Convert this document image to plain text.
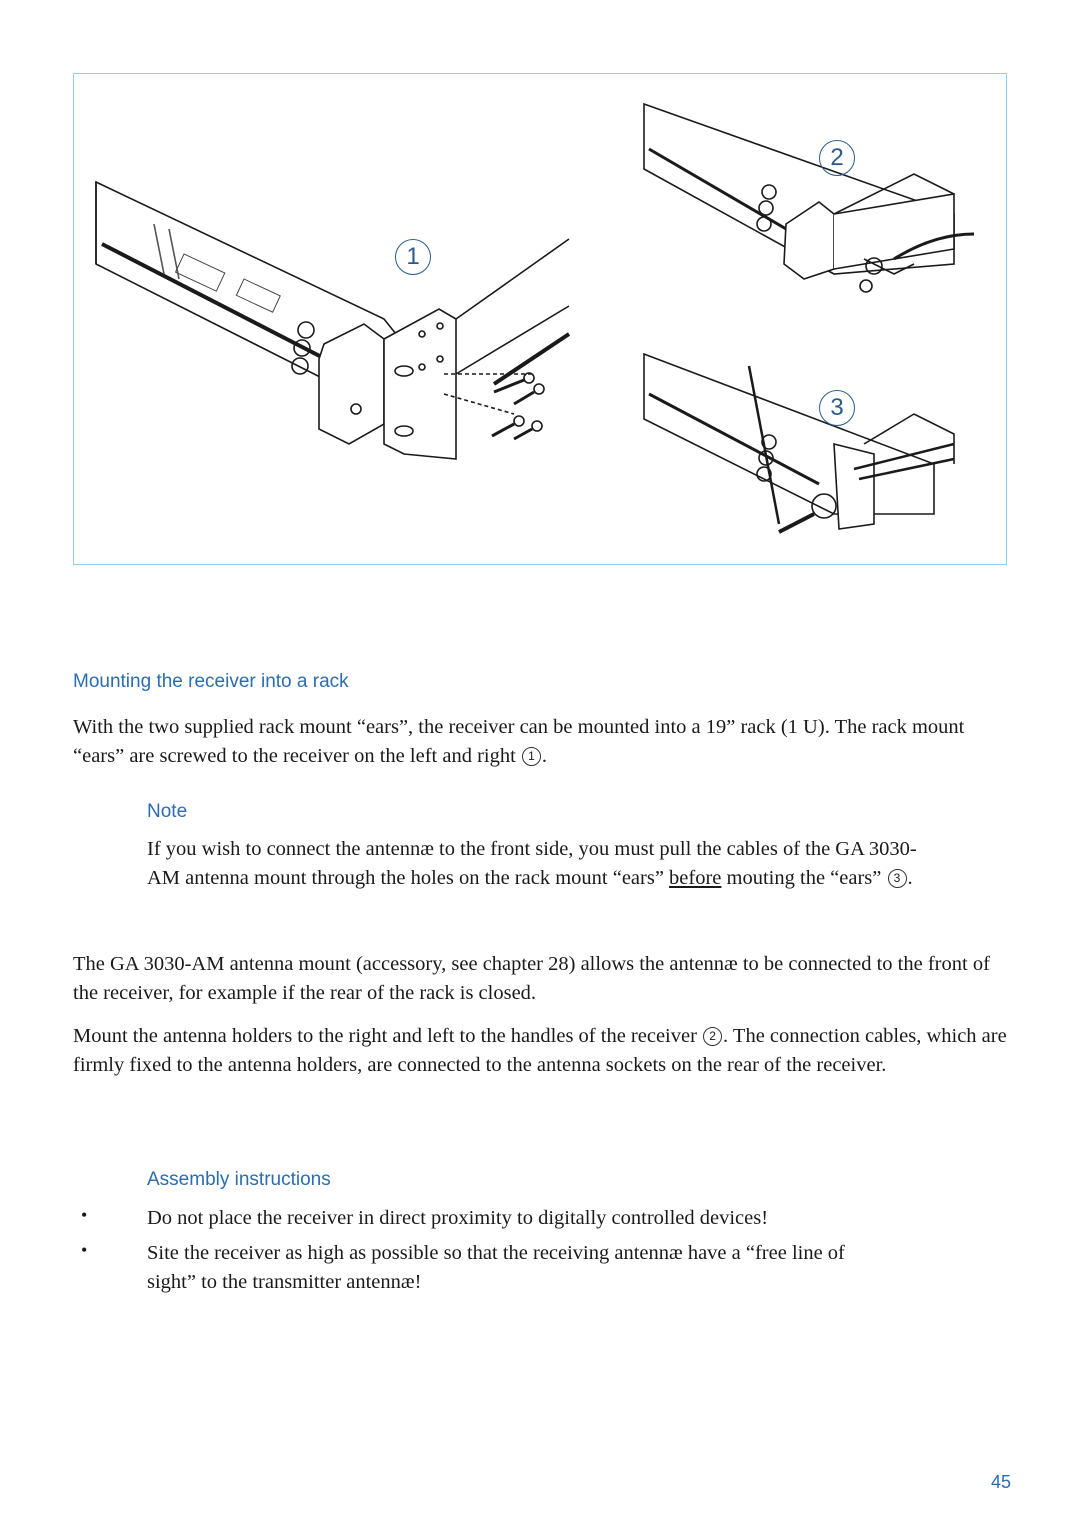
1
2
3
Mounting the receiver into a rack

With the two supplied rack mount “ears”, the receiver can be mounted into a 19” rack (1 U). The rack mount “ears” are screwed to the receiver on the left and right 1 .

Note

If you wish to connect the antennæ to the front side, you must pull the cables of the GA 3030-AM antenna mount through the holes on the rack mount “ears” before mouting the “ears” 3 .

The GA 3030-AM antenna mount (accessory, see chapter 28) allows the antennæ to be connected to the front of the receiver, for example if the rear of the rack is closed.

Mount the antenna holders to the right and left to the handles of the receiver 2 . The connection cables, which are firmly fixed to the antenna holders, are connected to the antenna sockets on the rear of the receiver.

Assembly instructions
•	Do not place the receiver in direct proximity to digitally controlled devices!

•	Site the receiver as high as possible so that the receiving antennæ have a “free line of sight” to the transmitter antennæ!

45
